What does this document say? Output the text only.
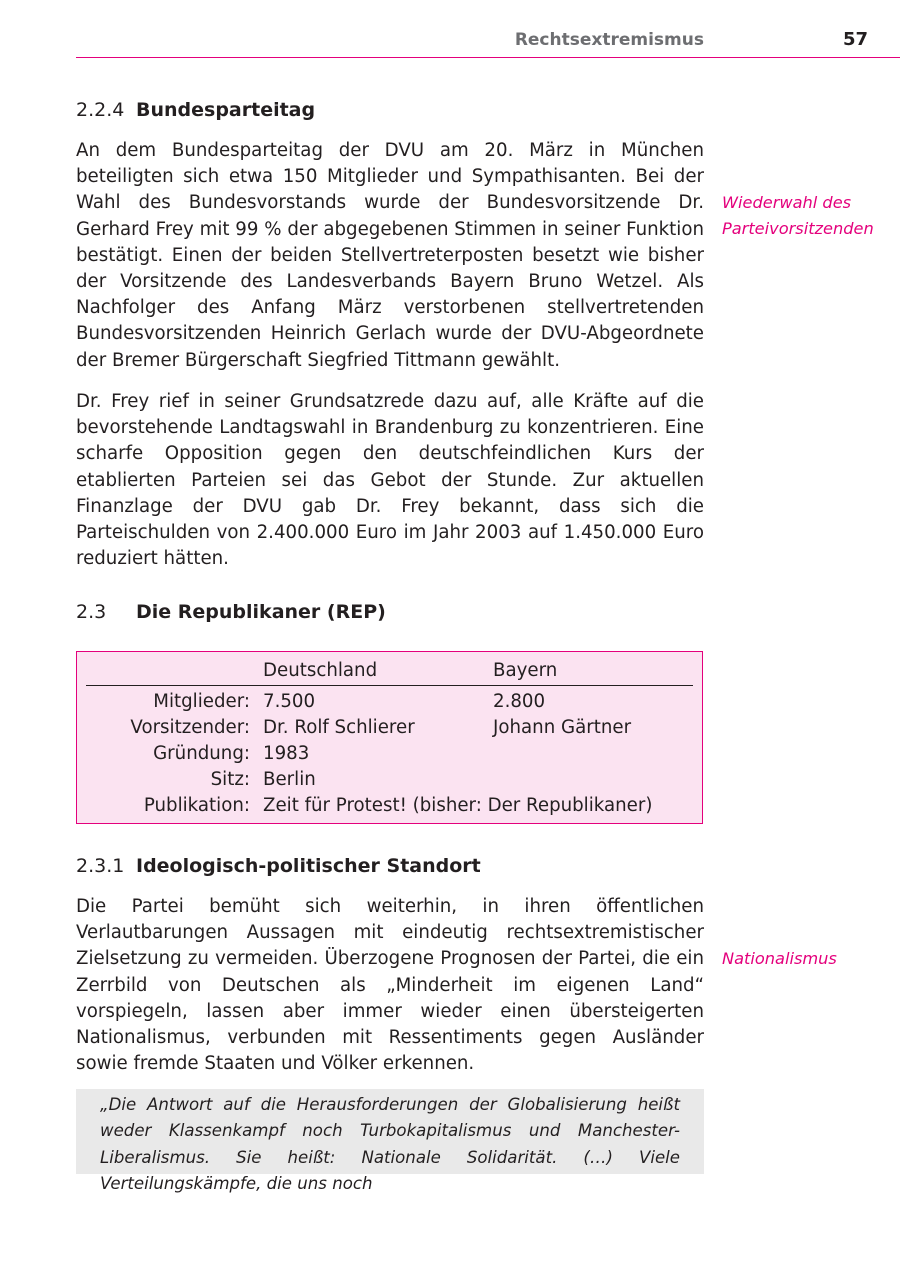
Rechtsextremismus	57
2.2.4 Bundesparteitag

An dem Bundesparteitag der DVU am 20. März in München beteiligten sich etwa 150 Mitglieder und Sympathisanten. Bei der Wahl des Bundesvorstands wurde der Bundesvorsitzende Dr. Gerhard Frey mit 99 % der abgegebenen Stimmen in seiner Funktion bestätigt. Einen der beiden Stellvertreterposten besetzt wie bisher der Vorsitzende des Landesverbands Bayern Bruno Wetzel. Als Nachfolger des Anfang März verstorbenen stellvertretenden Bundesvorsitzenden Heinrich Gerlach wurde der DVU-Abgeordnete der Bremer Bürgerschaft Siegfried Tittmann gewählt.

Wiederwahl des
Parteivorsitzenden

Dr. Frey rief in seiner Grundsatzrede dazu auf, alle Kräfte auf die bevorstehende Landtagswahl in Brandenburg zu konzentrieren. Eine scharfe Opposition gegen den deutschfeindlichen Kurs der etablierten Parteien sei das Gebot der Stunde. Zur aktuellen Finanzlage der DVU gab Dr. Frey bekannt, dass sich die Parteischulden von 2.400.000 Euro im Jahr 2003 auf 1.450.000 Euro reduziert hätten.

2.3 Die Republikaner (REP)
Deutschland	Bayern
Mitglieder: 7.500	2.800
Vorsitzender: Dr. Rolf Schlierer	Johann Gärtner
Gründung: 1983
Sitz: Berlin
Publikation: Zeit für Protest! (bisher: Der Republikaner)
2.3.1 Ideologisch-politischer Standort

Die Partei bemüht sich weiterhin, in ihren öffentlichen Verlautbarungen Aussagen mit eindeutig rechtsextremistischer Zielsetzung zu vermeiden. Überzogene Prognosen der Partei, die ein Zerrbild von Deutschen als „Minderheit im eigenen Land“ vorspiegeln, lassen aber immer wieder einen übersteigerten Nationalismus, verbunden mit Ressentiments gegen Ausländer sowie fremde Staaten und Völker erkennen.

Nationalismus

„Die Antwort auf die Herausforderungen der Globalisierung heißt weder Klassenkampf noch Turbokapitalismus und Manchester-Liberalismus. Sie heißt: Nationale Solidarität. (…) Viele Verteilungskämpfe, die uns noch
